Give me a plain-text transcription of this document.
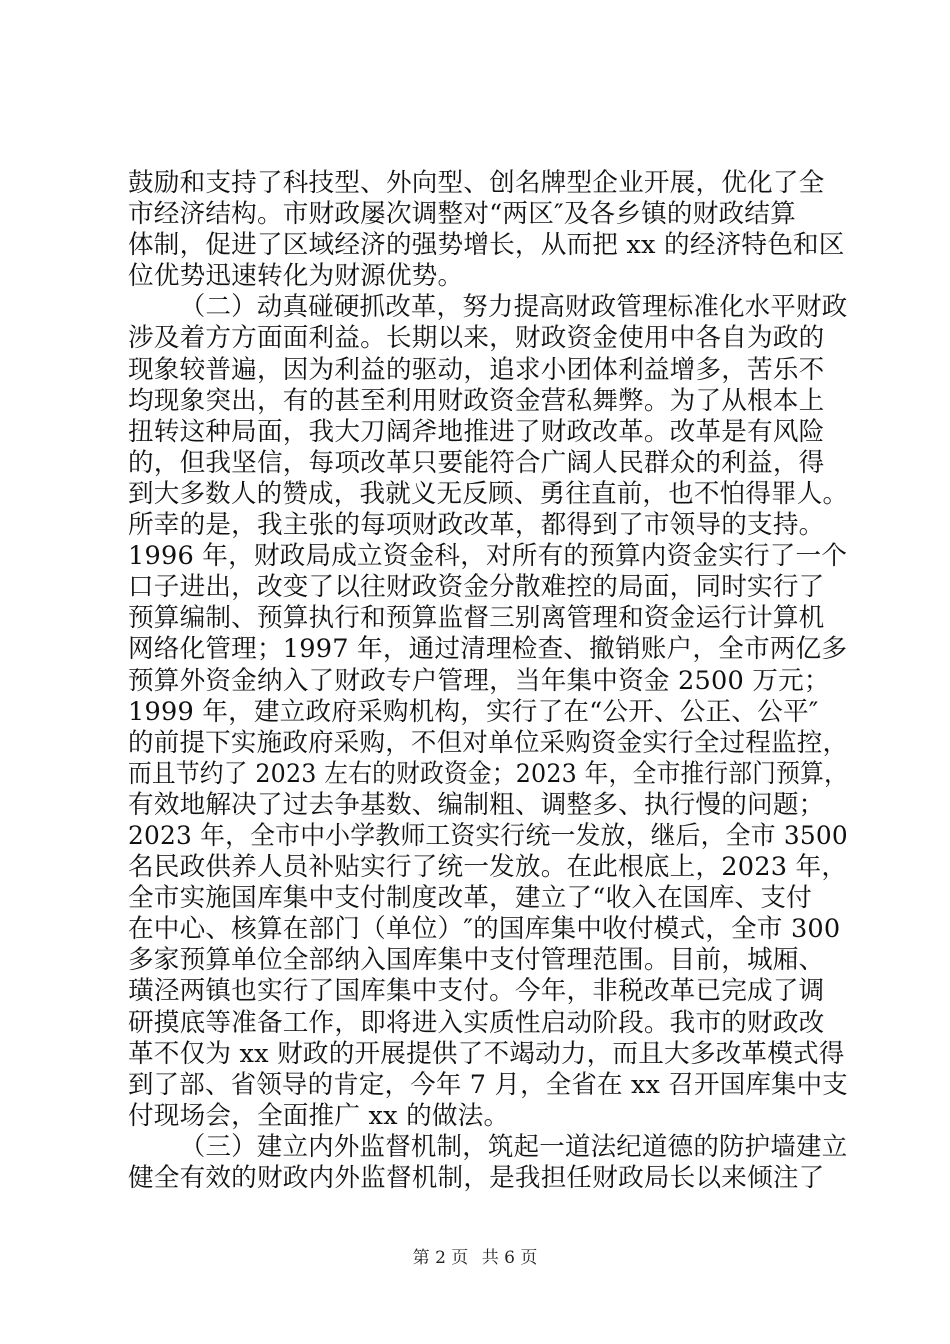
鼓励和支持了科技型、外向型、创名牌型企业开展，优化了全
市经济结构。市财政屡次调整对“两区″及各乡镇的财政结算
体制，促进了区域经济的强势增长，从而把 xx 的经济特色和区
位优势迅速转化为财源优势。
（二）动真碰硬抓改革，努力提高财政管理标准化水平财政
涉及着方方面面利益。长期以来，财政资金使用中各自为政的
现象较普遍，因为利益的驱动，追求小团体利益增多，苦乐不
均现象突出，有的甚至利用财政资金营私舞弊。为了从根本上
扭转这种局面，我大刀阔斧地推进了财政改革。改革是有风险
的，但我坚信，每项改革只要能符合广阔人民群众的利益，得
到大多数人的赞成，我就义无反顾、勇往直前，也不怕得罪人。
所幸的是，我主张的每项财政改革，都得到了市领导的支持。
1996 年，财政局成立资金科，对所有的预算内资金实行了一个
口子进出，改变了以往财政资金分散难控的局面，同时实行了
预算编制、预算执行和预算监督三别离管理和资金运行计算机
网络化管理；1997 年，通过清理检查、撤销账户，全市两亿多
预算外资金纳入了财政专户管理，当年集中资金 2500 万元；
1999 年，建立政府采购机构，实行了在“公开、公正、公平″
的前提下实施政府采购，不但对单位采购资金实行全过程监控，
而且节约了 2023 左右的财政资金；2023 年，全市推行部门预算，
有效地解决了过去争基数、编制粗、调整多、执行慢的问题；
2023 年，全市中小学教师工资实行统一发放，继后，全市 3500
名民政供养人员补贴实行了统一发放。在此根底上，2023 年，
全市实施国库集中支付制度改革，建立了“收入在国库、支付
在中心、核算在部门（单位）″的国库集中收付模式，全市 300
多家预算单位全部纳入国库集中支付管理范围。目前，城厢、
璜泾两镇也实行了国库集中支付。今年，非税改革已完成了调
研摸底等准备工作，即将进入实质性启动阶段。我市的财政改
革不仅为 xx 财政的开展提供了不竭动力，而且大多改革模式得
到了部、省领导的肯定，今年 7 月，全省在 xx 召开国库集中支
付现场会，全面推广 xx 的做法。
（三）建立内外监督机制，筑起一道法纪道德的防护墙建立
健全有效的财政内外监督机制，是我担任财政局长以来倾注了
第 2 页 共 6 页
